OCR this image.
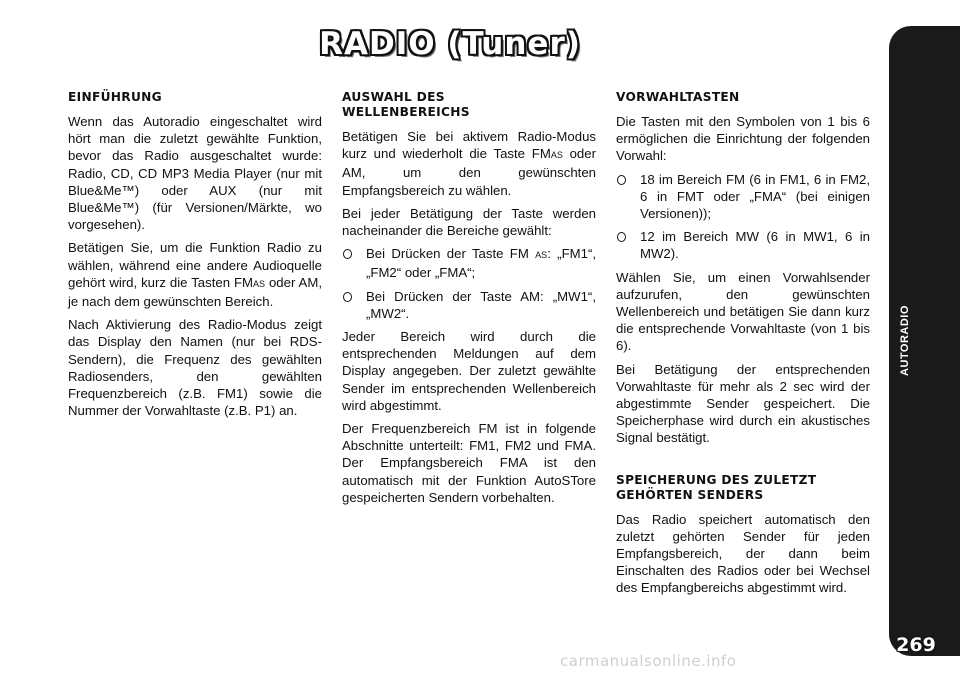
RADIO (Tuner)
AUTORADIO
EINFÜHRUNG

Wenn das Autoradio eingeschaltet wird hört man die zuletzt gewählte Funktion, bevor das Radio ausgeschaltet wurde: Radio, CD, CD MP3 Media Player (nur mit Blue&Me™) oder AUX (nur mit Blue&Me™) (für Versionen/Märkte, wo vorgesehen).

Betätigen Sie, um die Funktion Radio zu wählen, während eine andere Audioquelle gehört wird, kurz die Tasten FMAS oder AM, je nach dem gewünschten Bereich.

Nach Aktivierung des Radio-Modus zeigt das Display den Namen (nur bei RDS-Sendern), die Frequenz des gewählten Radiosenders, den gewählten Frequenzbereich (z.B. FM1) sowie die Nummer der Vorwahltaste (z.B. P1) an.

AUSWAHL DES
WELLENBEREICHS

Betätigen Sie bei aktivem Radio-Modus kurz und wiederholt die Taste FMAS oder AM, um den gewünschten Empfangsbereich zu wählen.

Bei jeder Betätigung der Taste werden nacheinander die Bereiche gewählt:

Bei Drücken der Taste FM AS: „FM1“, „FM2“ oder „FMA“;
Bei Drücken der Taste AM: „MW1“, „MW2“.

Jeder Bereich wird durch die entsprechenden Meldungen auf dem Display angegeben. Der zuletzt gewählte Sender im entsprechenden Wellenbereich wird abgestimmt.

Der Frequenzbereich FM ist in folgende Abschnitte unterteilt: FM1, FM2 und FMA. Der Empfangsbereich FMA ist den automatisch mit der Funktion AutoSTore gespeicherten Sendern vorbehalten.

VORWAHLTASTEN

Die Tasten mit den Symbolen von 1 bis 6 ermöglichen die Einrichtung der folgenden Vorwahl:

18 im Bereich FM (6 in FM1, 6 in FM2, 6 in FMT oder „FMA“ (bei einigen Versionen));
12 im Bereich MW (6 in MW1, 6 in MW2).

Wählen Sie, um einen Vorwahlsender aufzurufen, den gewünschten Wellenbereich und betätigen Sie dann kurz die entsprechende Vorwahltaste (von 1 bis 6).

Bei Betätigung der entsprechenden Vorwahltaste für mehr als 2 sec wird der abgestimmte Sender gespeichert. Die Speicherphase wird durch ein akustisches Signal bestätigt.

SPEICHERUNG DES ZULETZT
GEHÖRTEN SENDERS

Das Radio speichert automatisch den zuletzt gehörten Sender für jeden Empfangsbereich, der dann beim Einschalten des Radios oder bei Wechsel des Empfangbereichs abgestimmt wird.

269
carmanualsonline.info
